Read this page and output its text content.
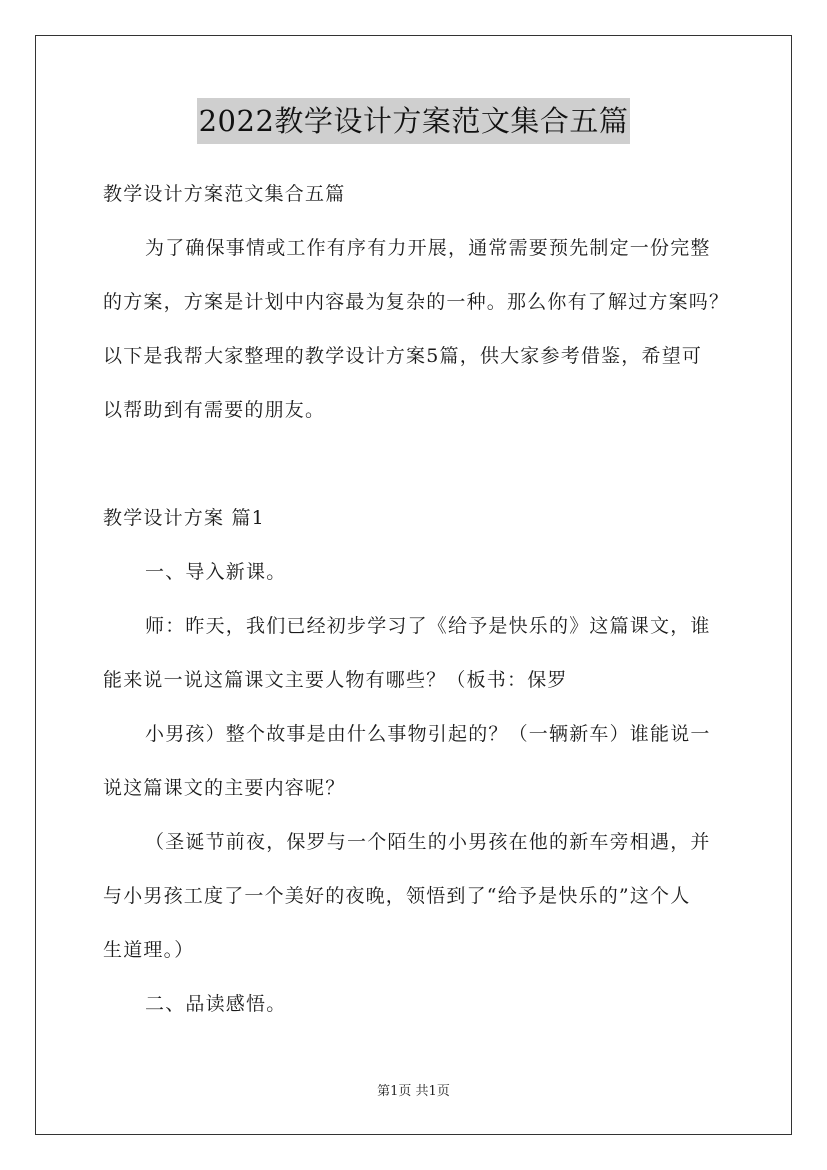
2022教学设计方案范文集合五篇
教学设计方案范文集合五篇
为了确保事情或工作有序有力开展，通常需要预先制定一份完整
的方案，方案是计划中内容最为复杂的一种。那么你有了解过方案吗？
以下是我帮大家整理的教学设计方案5篇，供大家参考借鉴，希望可
以帮助到有需要的朋友。
教学设计方案 篇1
一、导入新课。
师：昨天，我们已经初步学习了《给予是快乐的》这篇课文，谁
能来说一说这篇课文主要人物有哪些？（板书：保罗
小男孩）整个故事是由什么事物引起的？（一辆新车）谁能说一
说这篇课文的主要内容呢？
（圣诞节前夜，保罗与一个陌生的小男孩在他的新车旁相遇，并
与小男孩工度了一个美好的夜晚，领悟到了“给予是快乐的”这个人
生道理。）
二、品读感悟。
第1页 共1页
